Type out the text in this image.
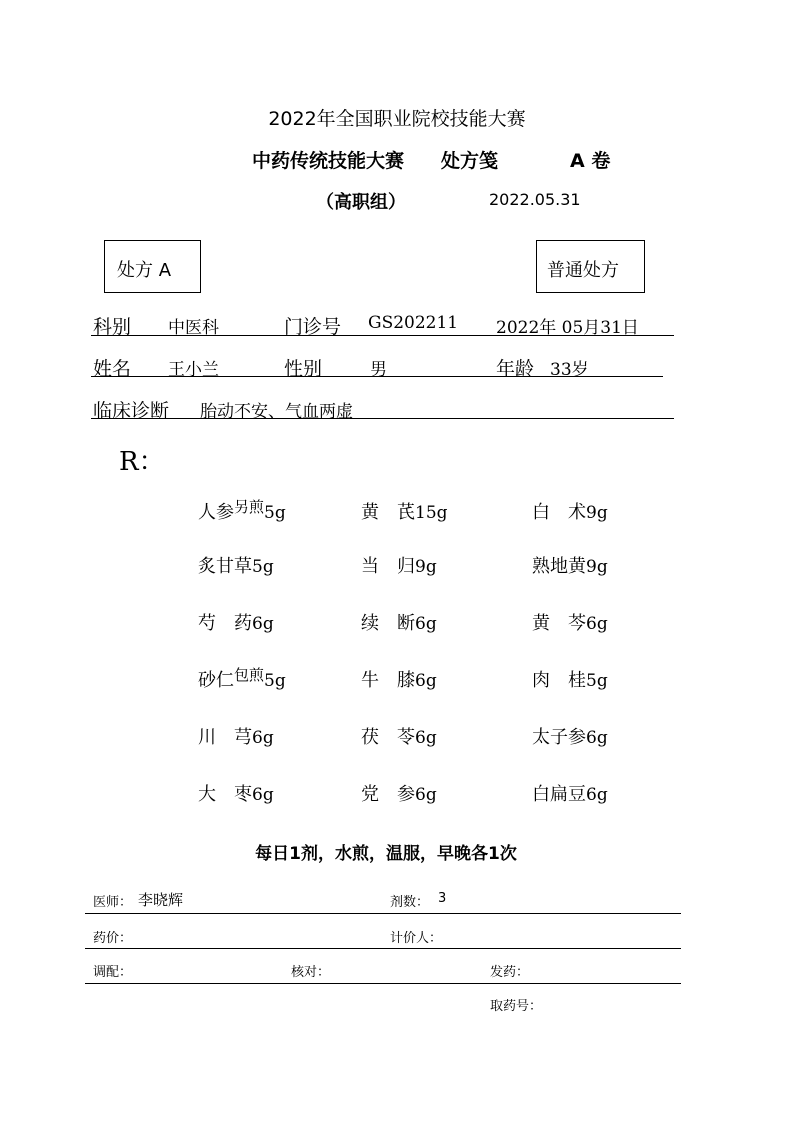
2022年全国职业院校技能大赛
中药传统技能大赛 处方笺	A 卷
（高职组）	2022.05.31
处方 A	普通处方
科别 中医科	门诊号 GS202211 2022年 05月31日
姓名 王小兰	性别	男	年龄 33岁
临床诊断 胎动不安、气血两虚
R：
人参$^{另煎}$5g	黄　芪15g	白　术9g
炙甘草5g	当　归9g	熟地黄9g
芍　药6g	续　断6g	黄　芩6g
砂仁$^{包煎}$5g	牛　膝6g	肉　桂5g
川　芎6g	茯　苓6g	太子参6g
大　枣6g	党　参6g	白扁豆6g
每日1剂，水煎，温服，早晚各1次
医师： 李晓辉	剂数： 3
药价：	计价人：
调配：	核对：	发药：
取药号：
